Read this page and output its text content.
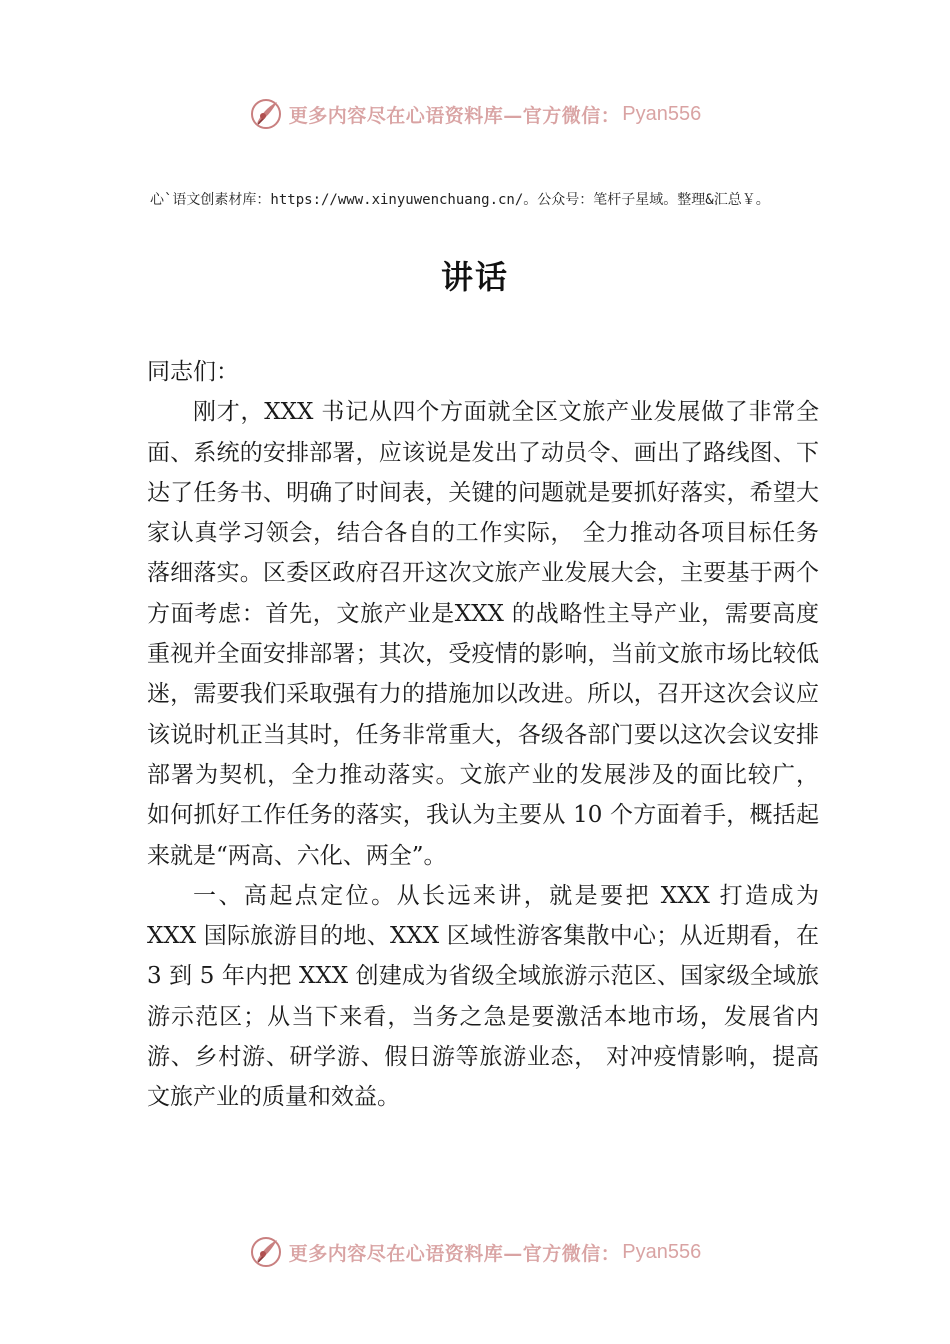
更多内容尽在心语资料库—官方微信： Pyan556
心`语文创素材库：https://www.xinyuwenchuang.cn/。公众号：笔杆子星域。整理&汇总￥。
讲话

同志们：

刚才，XXX 书记从四个方面就全区文旅产业发展做了非常全面、系统的安排部署，应该说是发出了动员令、画出了路线图、下达了任务书、明确了时间表，关键的问题就是要抓好落实，希望大家认真学习领会，结合各自的工作实际， 全力推动各项目标任务落细落实。区委区政府召开这次文旅产业发展大会，主要基于两个方面考虑：首先，文旅产业是XXX 的战略性主导产业，需要高度重视并全面安排部署；其次，受疫情的影响，当前文旅市场比较低迷，需要我们采取强有力的措施加以改进。所以，召开这次会议应该说时机正当其时，任务非常重大，各级各部门要以这次会议安排部署为契机，全力推动落实。文旅产业的发展涉及的面比较广， 如何抓好工作任务的落实，我认为主要从 10 个方面着手，概括起来就是“两高、六化、两全”。

一、高起点定位。从长远来讲，就是要把 XXX 打造成为 XXX 国际旅游目的地、XXX 区域性游客集散中心；从近期看，在 3 到 5 年内把 XXX 创建成为省级全域旅游示范区、国家级全域旅游示范区；从当下来看，当务之急是要激活本地市场，发展省内游、乡村游、研学游、假日游等旅游业态， 对冲疫情影响，提高文旅产业的质量和效益。

更多内容尽在心语资料库—官方微信： Pyan556
